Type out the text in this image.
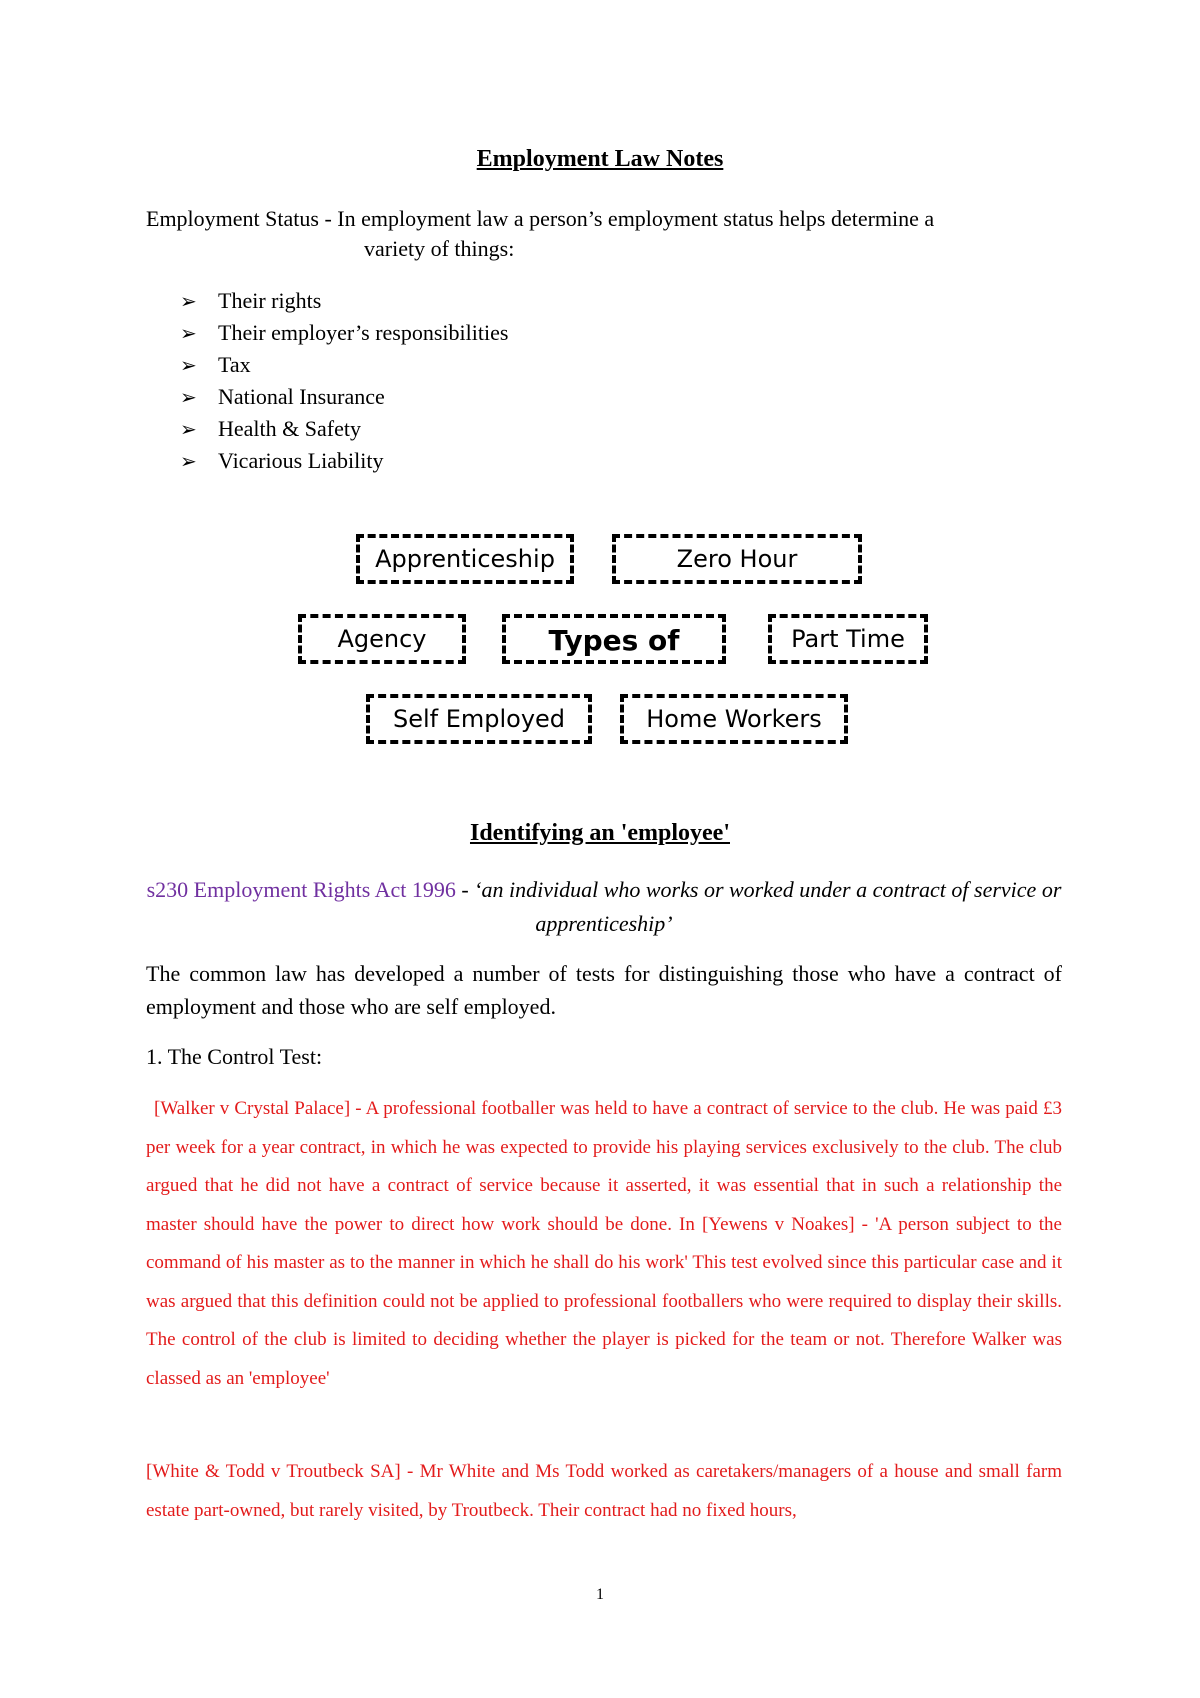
Employment Law Notes
Employment Status - In employment law a person’s employment status helps determine a
variety of things:
➢ Their rights
➢ Their employer’s responsibilities
➢ Tax
➢ National Insurance
➢ Health & Safety
➢ Vicarious Liability
Apprenticeship	Zero Hour
Agency	Types of	Part Time
Self Employed	Home Workers
Identifying an 'employee'
s230 Employment Rights Act 1996 - ‘an individual who works or worked under a contract of service or apprenticeship’
The common law has developed a number of tests for distinguishing those who have a contract of employment and those who are self employed.
1. The Control Test:
[Walker v Crystal Palace] - A professional footballer was held to have a contract of service to the club. He was paid £3 per week for a year contract, in which he was expected to provide his playing services exclusively to the club. The club argued that he did not have a contract of service because it asserted, it was essential that in such a relationship the master should have the power to direct how work should be done. In [Yewens v Noakes] - 'A person subject to the command of his master as to the manner in which he shall do his work' This test evolved since this particular case and it was argued that this definition could not be applied to professional footballers who were required to display their skills. The control of the club is limited to deciding whether the player is picked for the team or not. Therefore Walker was classed as an 'employee'
[White & Todd v Troutbeck SA] - Mr White and Ms Todd worked as caretakers/managers of a house and small farm estate part-owned, but rarely visited, by Troutbeck. Their contract had no fixed hours,
1
